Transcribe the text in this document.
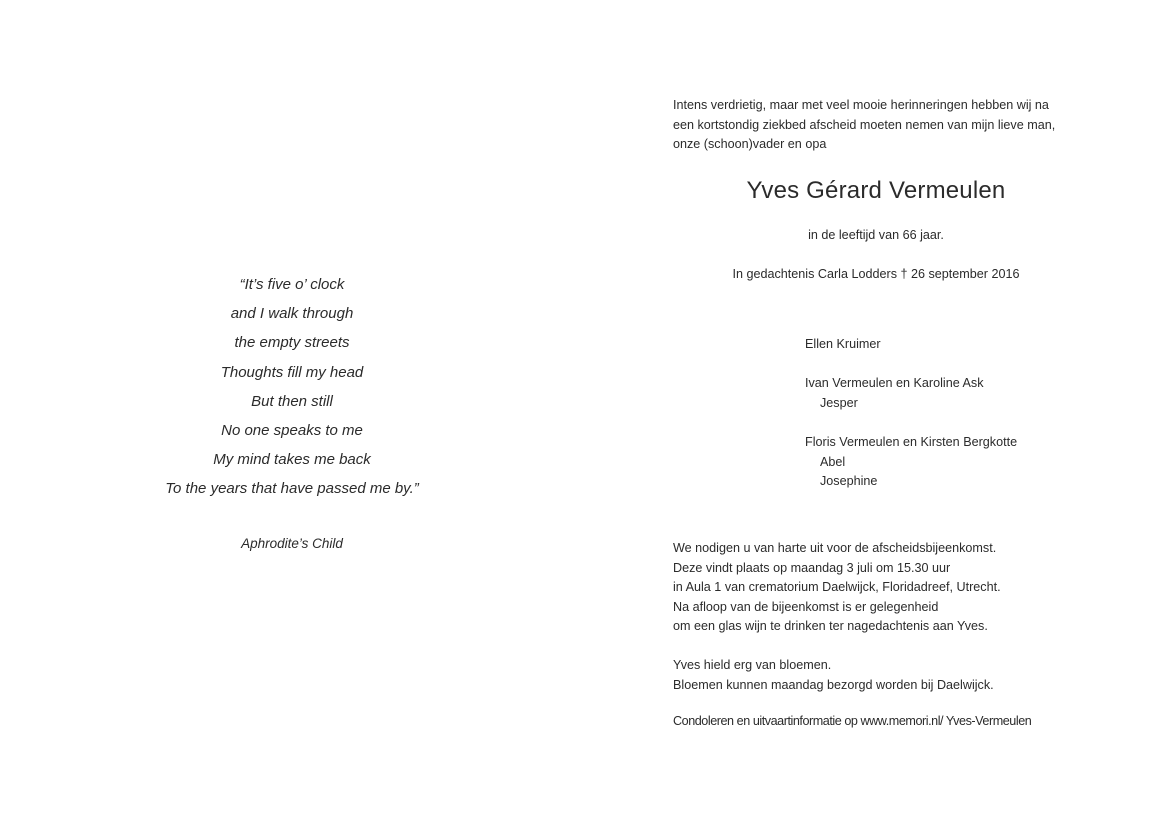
“It’s five o’ clock
and I walk through
the empty streets
Thoughts fill my head
But then still
No one speaks to me
My mind takes me back
To the years that have passed me by.”
Aphrodite’s Child
Intens verdrietig, maar met veel mooie herinneringen hebben wij na
een kortstondig ziekbed afscheid moeten nemen van mijn lieve man,
onze (schoon)vader en opa
Yves Gérard Vermeulen
in de leeftijd van 66 jaar.
In gedachtenis Carla Lodders † 26 september 2016
Ellen Kruimer
Ivan Vermeulen en Karoline Ask
Jesper
Floris Vermeulen en Kirsten Bergkotte
Abel
Josephine
We nodigen u van harte uit voor de afscheidsbijeenkomst.
Deze vindt plaats op maandag 3 juli om 15.30 uur
in Aula 1 van crematorium Daelwijck, Floridadreef, Utrecht.
Na afloop van de bijeenkomst is er gelegenheid
om een glas wijn te drinken ter nagedachtenis aan Yves.
Yves hield erg van bloemen.
Bloemen kunnen maandag bezorgd worden bij Daelwijck.
Condoleren en uitvaartinformatie op www.memori.nl/ Yves-Vermeulen
